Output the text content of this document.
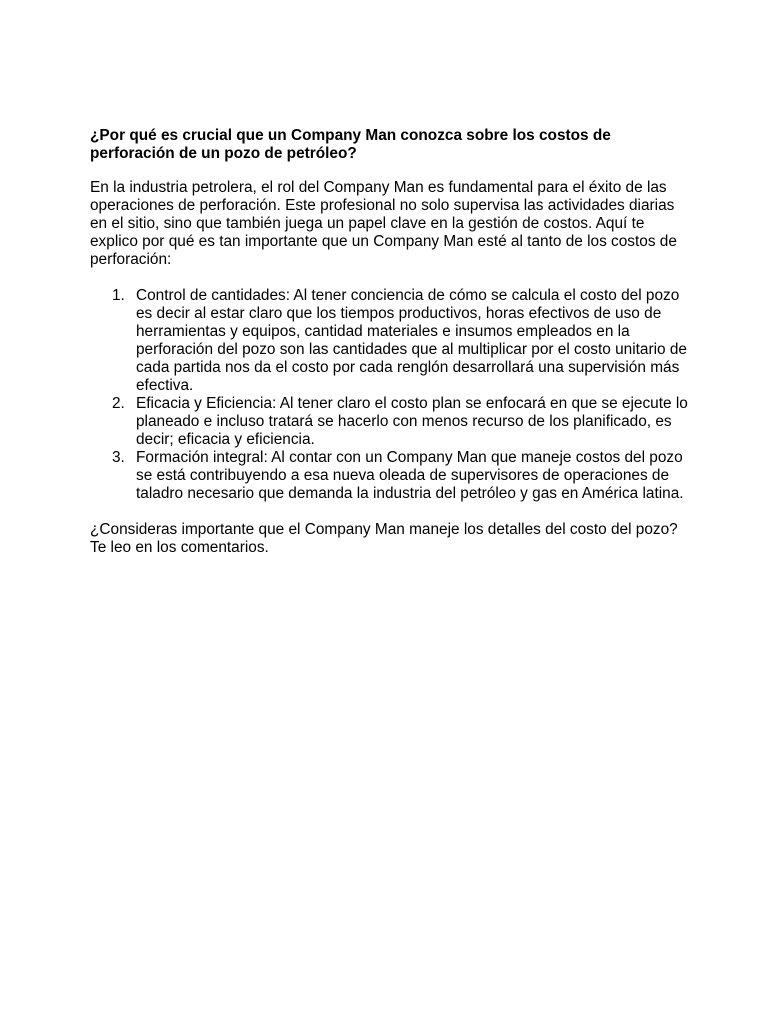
¿Por qué es crucial que un Company Man conozca sobre los costos de perforación de un pozo de petróleo?

En la industria petrolera, el rol del Company Man es fundamental para el éxito de las operaciones de perforación. Este profesional no solo supervisa las actividades diarias en el sitio, sino que también juega un papel clave en la gestión de costos. Aquí te explico por qué es tan importante que un Company Man esté al tanto de los costos de perforación:

1. Control de cantidades: Al tener conciencia de cómo se calcula el costo del pozo es decir al estar claro que los tiempos productivos, horas efectivos de uso de herramientas y equipos, cantidad materiales e insumos empleados en la perforación del pozo son las cantidades que al multiplicar por el costo unitario de cada partida nos da el costo por cada renglón desarrollará una supervisión más efectiva.
2. Eficacia y Eficiencia: Al tener claro el costo plan se enfocará en que se ejecute lo planeado e incluso tratará se hacerlo con menos recurso de los planificado, es decir; eficacia y eficiencia.
3. Formación integral: Al contar con un Company Man que maneje costos del pozo se está contribuyendo a esa nueva oleada de supervisores de operaciones de taladro necesario que demanda la industria del petróleo y gas en América latina.

¿Consideras importante que el Company Man maneje los detalles del costo del pozo? Te leo en los comentarios.
